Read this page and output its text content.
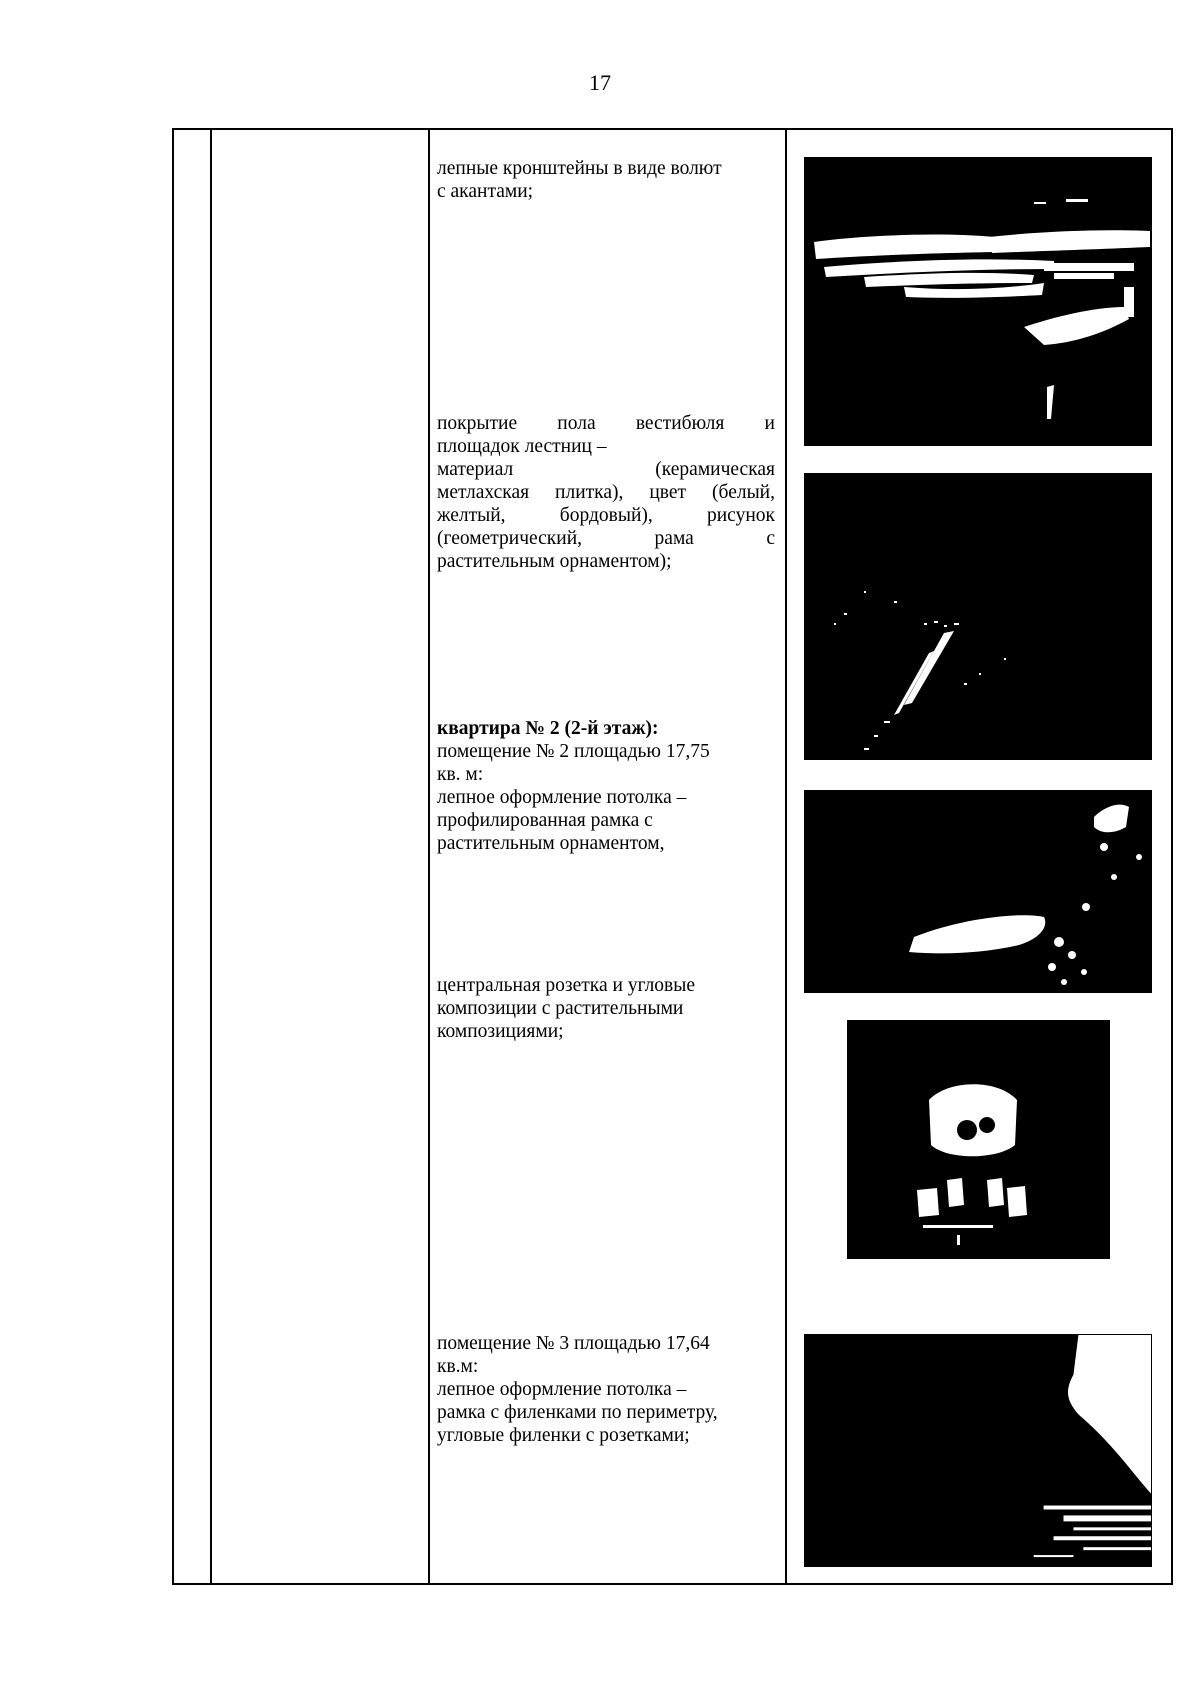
17
лепные кронштейны в виде волют
с акантами;
покрытие пола вестибюля и
площадок лестниц –
материал (керамическая
метлахская плитка), цвет (белый,
желтый, бордовый), рисунок
(геометрический, рама с
растительным орнаментом);
квартира № 2 (2-й этаж):
помещение № 2 площадью 17,75
кв. м:
лепное оформление потолка –
профилированная рамка с
растительным орнаментом,
центральная розетка и угловые
композиции с растительными
композициями;
помещение № 3 площадью 17,64
кв.м:
лепное оформление потолка –
рамка с филенками по периметру,
угловые филенки с розетками;
